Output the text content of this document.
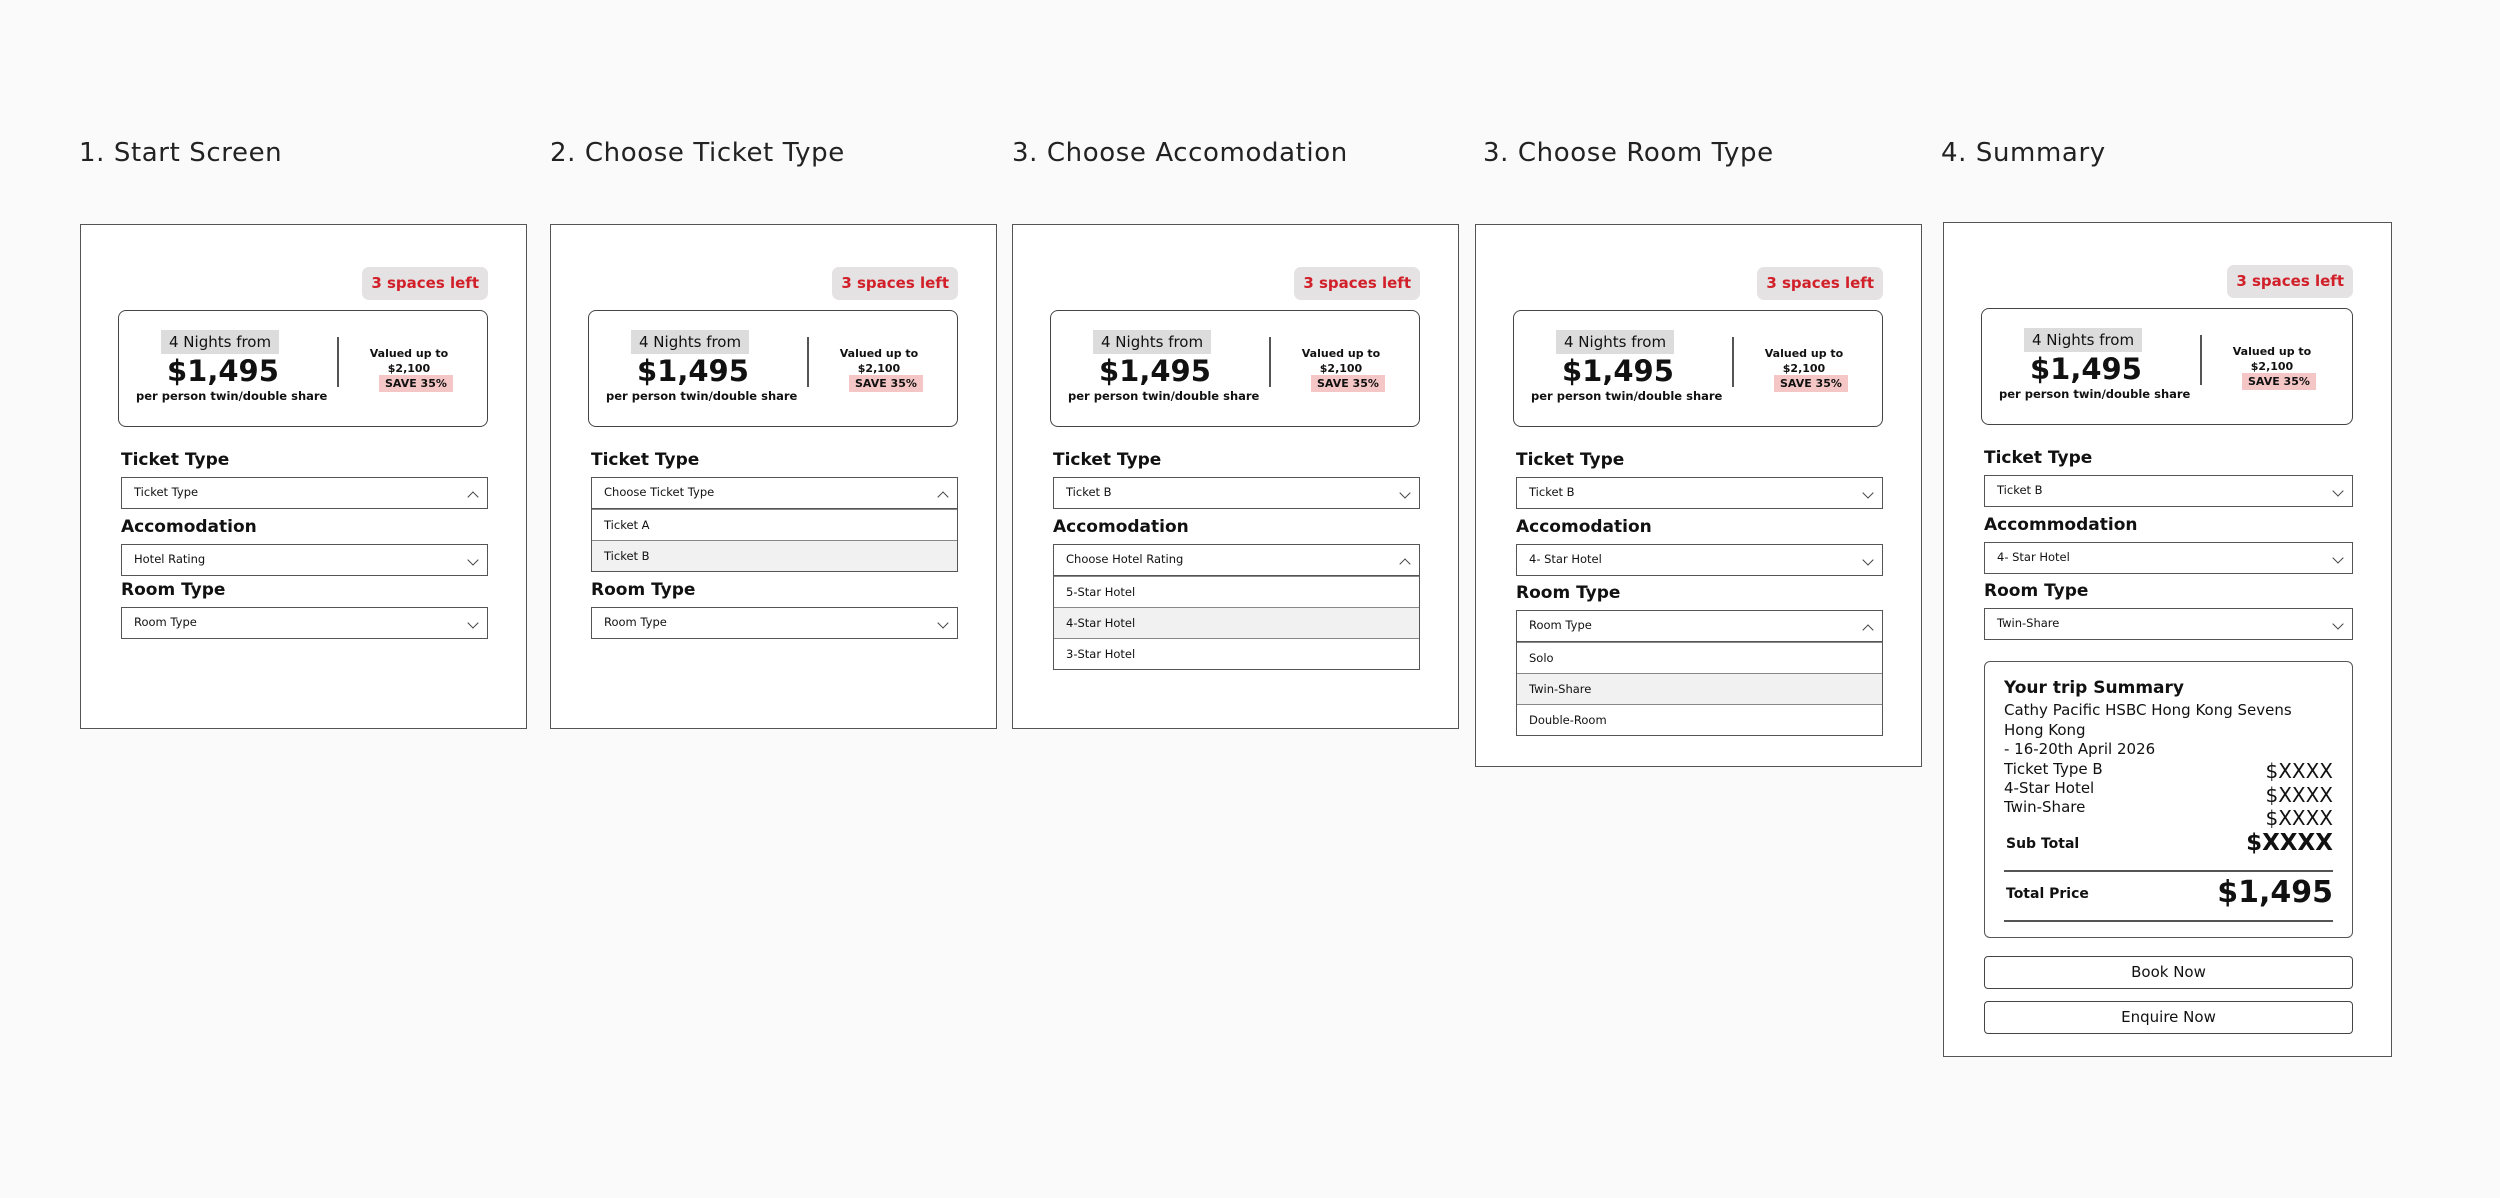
1. Start Screen	2. Choose Ticket Type	3. Choose Accomodation	3. Choose Room Type	4. Summary
3 spaces left
4 Nights from
$1,495
per person twin/double share
Valued up to
$2,100
SAVE 35%
Ticket Type
Ticket Type
Accomodation
Hotel Rating
Room Type
Room Type
3 spaces left
4 Nights from
$1,495
per person twin/double share
Valued up to
$2,100
SAVE 35%
Ticket Type
Choose Ticket Type
Ticket A
Ticket B
Room Type
Room Type
3 spaces left
4 Nights from
$1,495
per person twin/double share
Valued up to
$2,100
SAVE 35%
Ticket Type
Ticket B
Accomodation
Choose Hotel Rating
5-Star Hotel
4-Star Hotel
3-Star Hotel
3 spaces left
4 Nights from
$1,495
per person twin/double share
Valued up to
$2,100
SAVE 35%
Ticket Type
Ticket B
Accomodation
4- Star Hotel
Room Type
Room Type
Solo
Twin-Share
Double-Room
3 spaces left
4 Nights from
$1,495
per person twin/double share
Valued up to
$2,100
SAVE 35%
Ticket Type
Ticket B
Accommodation
4- Star Hotel
Room Type
Twin-Share
Your trip Summary
Cathy Pacific HSBC Hong Kong Sevens
Hong Kong
- 16-20th April 2026
Ticket Type B	$XXXX
4-Star Hotel	$XXXX
Twin-Share	$XXXX
Sub Total	$XXXX
Total Price	$1,495
Book Now
Enquire Now
